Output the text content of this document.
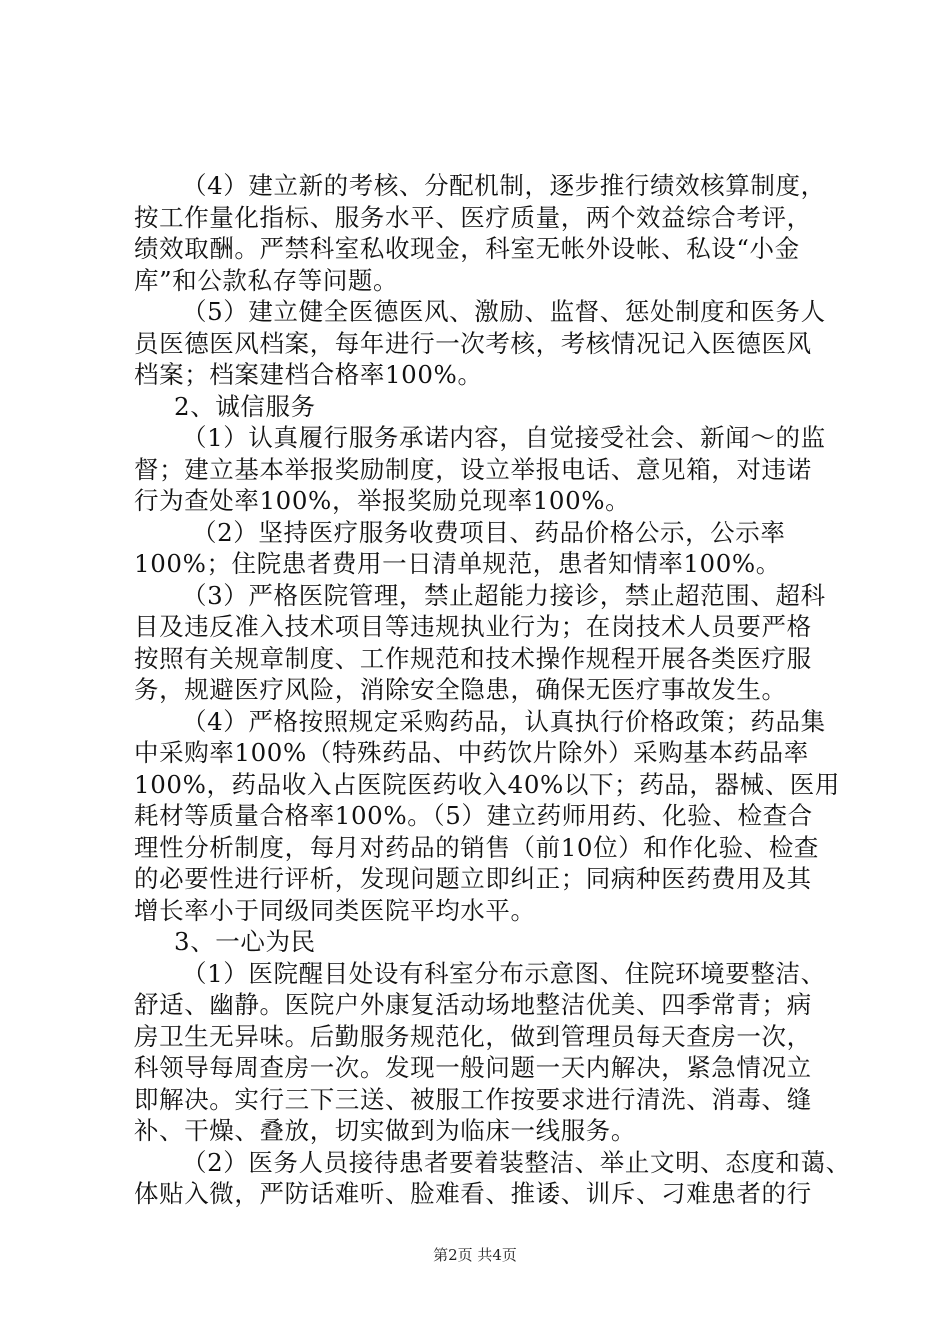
（4）建立新的考核、分配机制，逐步推行绩效核算制度，
按工作量化指标、服务水平、医疗质量，两个效益综合考评，
绩效取酬。严禁科室私收现金，科室无帐外设帐、私设“小金
库”和公款私存等问题。
（5）建立健全医德医风、激励、监督、惩处制度和医务人
员医德医风档案，每年进行一次考核，考核情况记入医德医风
档案；档案建档合格率100%。
2、诚信服务
（1）认真履行服务承诺内容，自觉接受社会、新闻～的监
督；建立基本举报奖励制度，设立举报电话、意见箱，对违诺
行为查处率100%，举报奖励兑现率100%。
（2）坚持医疗服务收费项目、药品价格公示，公示率
100%；住院患者费用一日清单规范，患者知情率100%。
（3）严格医院管理，禁止超能力接诊，禁止超范围、超科
目及违反准入技术项目等违规执业行为；在岗技术人员要严格
按照有关规章制度、工作规范和技术操作规程开展各类医疗服
务，规避医疗风险，消除安全隐患，确保无医疗事故发生。
（4）严格按照规定采购药品，认真执行价格政策；药品集
中采购率100%（特殊药品、中药饮片除外）采购基本药品率
100%，药品收入占医院医药收入40%以下；药品，器械、医用
耗材等质量合格率100%。（5）建立药师用药、化验、检查合
理性分析制度，每月对药品的销售（前10位）和作化验、检查
的必要性进行评析，发现问题立即纠正；同病种医药费用及其
增长率小于同级同类医院平均水平。
3、一心为民
（1）医院醒目处设有科室分布示意图、住院环境要整洁、
舒适、幽静。医院户外康复活动场地整洁优美、四季常青；病
房卫生无异味。后勤服务规范化，做到管理员每天查房一次，
科领导每周查房一次。发现一般问题一天内解决，紧急情况立
即解决。实行三下三送、被服工作按要求进行清洗、消毒、缝
补、干燥、叠放，切实做到为临床一线服务。
（2）医务人员接待患者要着装整洁、举止文明、态度和蔼、
体贴入微，严防话难听、脸难看、推诿、训斥、刁难患者的行
第2页 共4页
